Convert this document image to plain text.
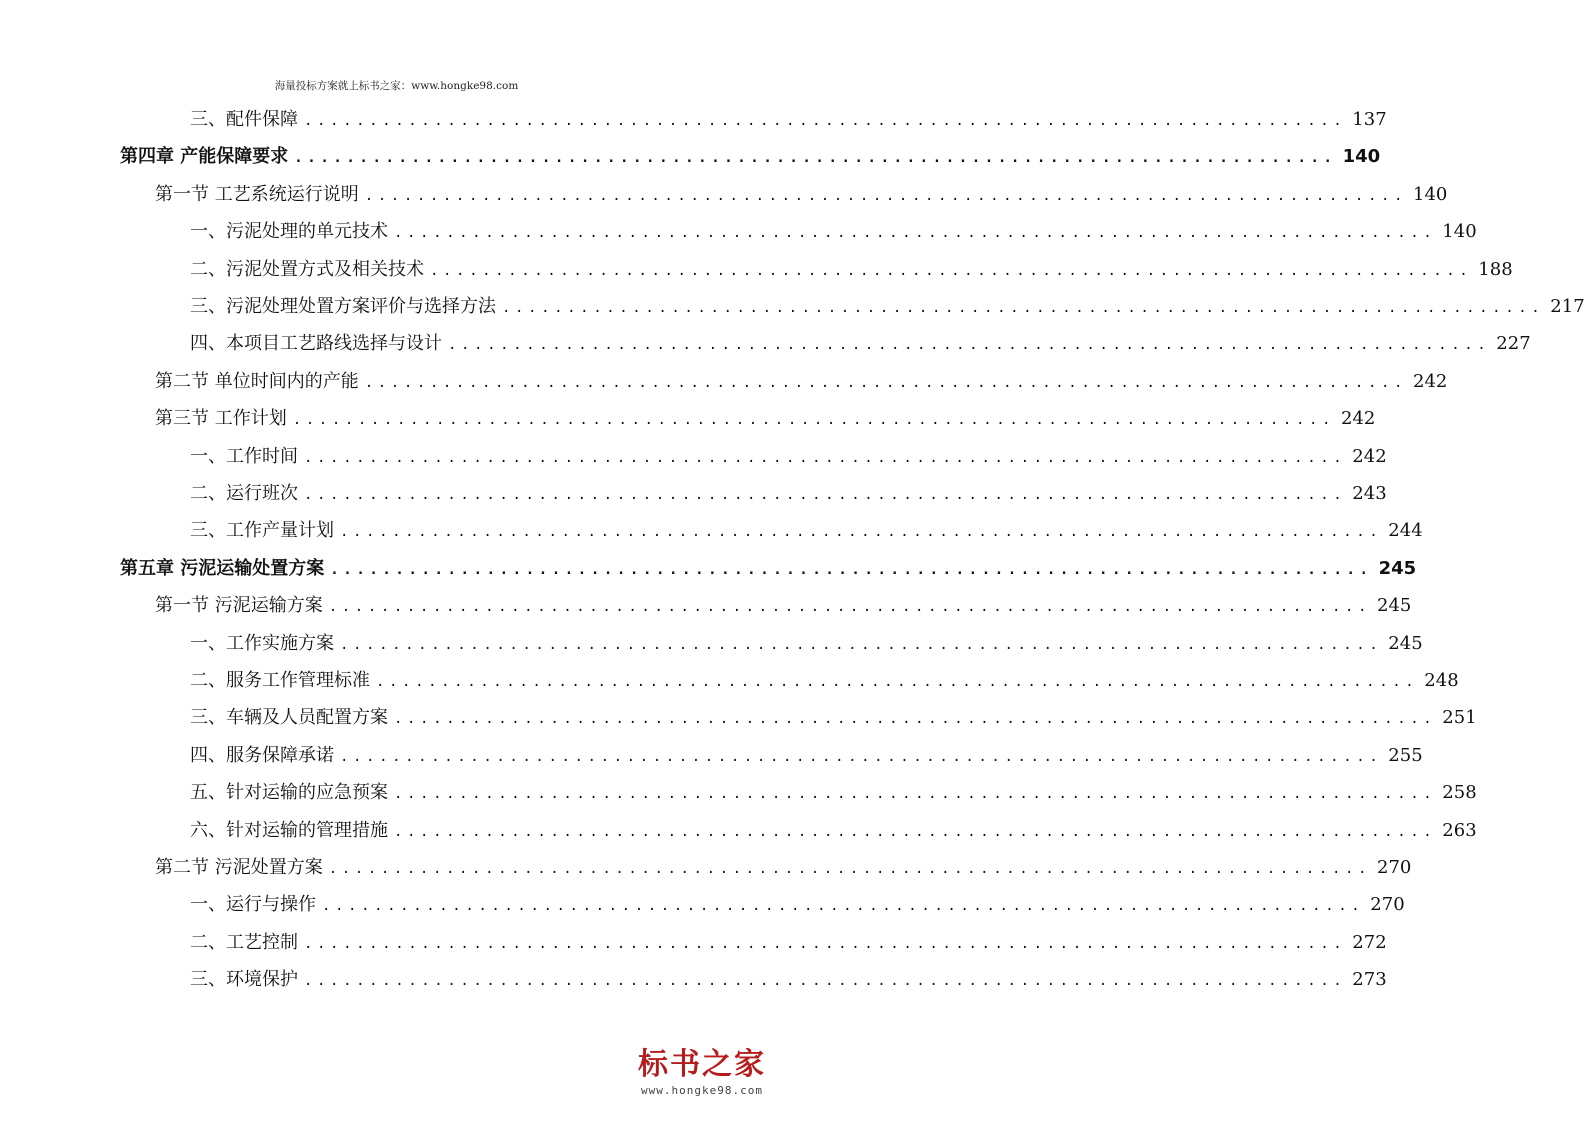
海量投标方案就上标书之家：www.hongke98.com
三、配件保障 ................................................................................ 137
第四章 产能保障要求 ................................................................................ 140
第一节 工艺系统运行说明 ................................................................................ 140
一、污泥处理的单元技术 ................................................................................ 140
二、污泥处置方式及相关技术 ................................................................................ 188
三、污泥处理处置方案评价与选择方法 ................................................................................ 217
四、本项目工艺路线选择与设计 ................................................................................ 227
第二节 单位时间内的产能 ................................................................................ 242
第三节 工作计划 ................................................................................ 242
一、工作时间 ................................................................................ 242
二、运行班次 ................................................................................ 243
三、工作产量计划 ................................................................................ 244
第五章 污泥运输处置方案 ................................................................................ 245
第一节 污泥运输方案 ................................................................................ 245
一、工作实施方案 ................................................................................ 245
二、服务工作管理标准 ................................................................................ 248
三、车辆及人员配置方案 ................................................................................ 251
四、服务保障承诺 ................................................................................ 255
五、针对运输的应急预案 ................................................................................ 258
六、针对运输的管理措施 ................................................................................ 263
第二节 污泥处置方案 ................................................................................ 270
一、运行与操作 ................................................................................ 270
二、工艺控制 ................................................................................ 272
三、环境保护 ................................................................................ 273
标书之家
www.hongke98.com
